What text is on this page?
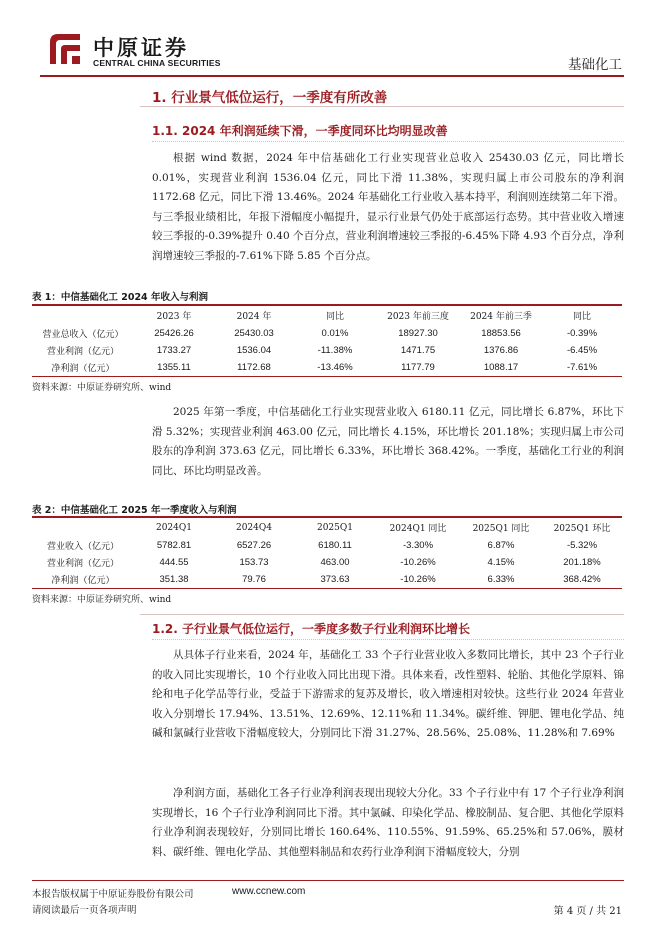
中原证券
CENTRAL CHINA SECURITIES	基础化工
1. 行业景气低位运行，一季度有所改善
1.1. 2024 年利润延续下滑，一季度同环比均明显改善

根据 wind 数据，2024 年中信基础化工行业实现营业总收入 25430.03 亿元，同比增长 0.01%，实现营业利润 1536.04 亿元，同比下滑 11.38%，实现归属上市公司股东的净利润 1172.68 亿元，同比下滑 13.46%。2024 年基础化工行业收入基本持平，利润则连续第二年下滑。与三季报业绩相比，年报下滑幅度小幅提升，显示行业景气仍处于底部运行态势。其中营业收入增速较三季报的-0.39%提升 0.40 个百分点，营业利润增速较三季报的-6.45%下降 4.93 个百分点，净利润增速较三季报的-7.61%下降 5.85 个百分点。

表 1：中信基础化工 2024 年收入与利润
	2023 年	2024 年	同比	2023 年前三度	2024 年前三季	同比
营业总收入（亿元）	25426.26	25430.03	0.01%	18927.30	18853.56	-0.39%
营业利润（亿元）	1733.27	1536.04	-11.38%	1471.75	1376.86	-6.45%
净利润（亿元）	1355.11	1172.68	-13.46%	1177.79	1088.17	-7.61%
资料来源：中原证券研究所、wind

2025 年第一季度，中信基础化工行业实现营业收入 6180.11 亿元，同比增长 6.87%，环比下滑 5.32%；实现营业利润 463.00 亿元，同比增长 4.15%，环比增长 201.18%；实现归属上市公司股东的净利润 373.63 亿元，同比增长 6.33%，环比增长 368.42%。一季度，基础化工行业的利润同比、环比均明显改善。

表 2：中信基础化工 2025 年一季度收入与利润
	2024Q1	2024Q4	2025Q1	2024Q1 同比	2025Q1 同比	2025Q1 环比
营业收入（亿元）	5782.81	6527.26	6180.11	-3.30%	6.87%	-5.32%
营业利润（亿元）	444.55	153.73	463.00	-10.26%	4.15%	201.18%
净利润（亿元）	351.38	79.76	373.63	-10.26%	6.33%	368.42%
资料来源：中原证券研究所、wind
1.2. 子行业景气低位运行，一季度多数子行业利润环比增长

从具体子行业来看，2024 年，基础化工 33 个子行业营业收入多数同比增长，其中 23 个子行业的收入同比实现增长，10 个行业收入同比出现下滑。具体来看，改性塑料、轮胎、其他化学原料、锦纶和电子化学品等行业，受益于下游需求的复苏及增长，收入增速相对较快。这些行业 2024 年营业收入分别增长 17.94%、13.51%、12.69%、12.11%和 11.34%。碳纤维、钾肥、锂电化学品、纯碱和氯碱行业营收下滑幅度较大，分别同比下滑 31.27%、28.56%、25.08%、11.28%和 7.69%

净利润方面，基础化工各子行业净利润表现出现较大分化。33 个子行业中有 17 个子行业净利润实现增长，16 个子行业净利润同比下滑。其中氯碱、印染化学品、橡胶制品、复合肥、其他化学原料行业净利润表现较好，分别同比增长 160.64%、110.55%、91.59%、65.25%和 57.06%，膜材料、碳纤维、锂电化学品、其他塑料制品和农药行业净利润下滑幅度较大，分别

本报告版权属于中原证券股份有限公司	www.ccnew.com
请阅读最后一页各项声明	第 4 页 / 共 21
